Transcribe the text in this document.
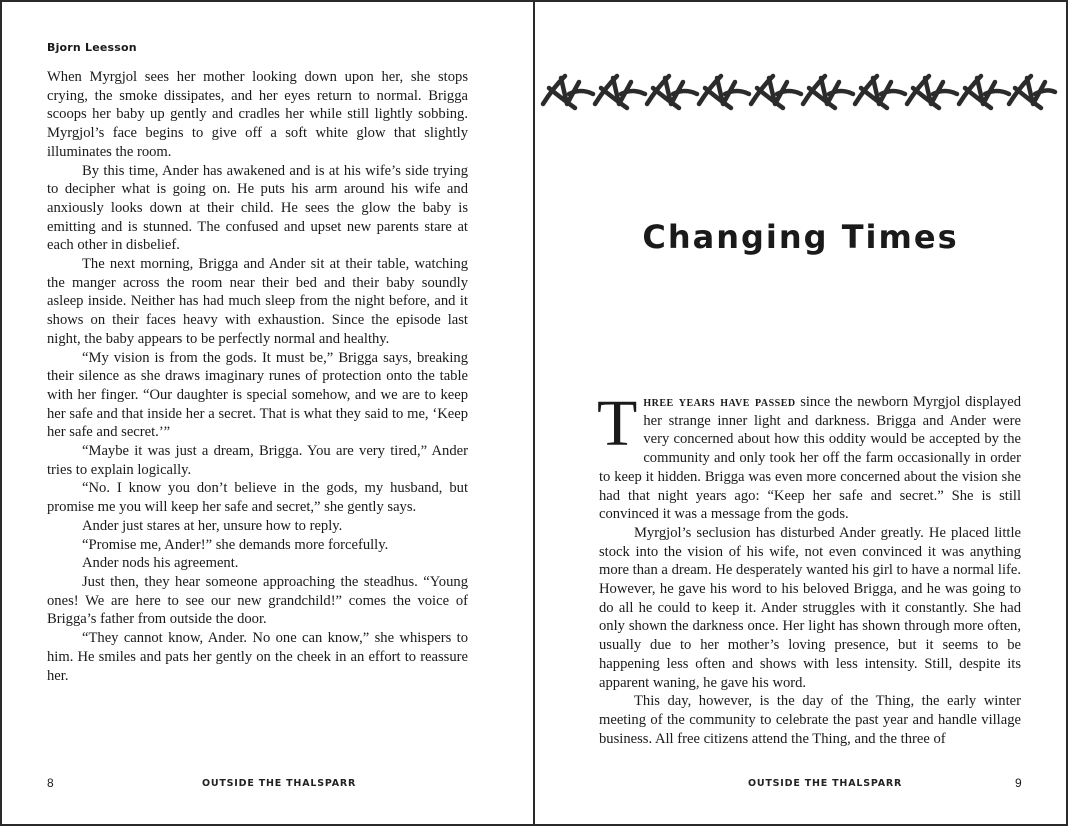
Bjorn Leesson

When Myrgjol sees her mother looking down upon her, she stops crying, the smoke dissipates, and her eyes return to normal. Brigga scoops her baby up gently and cradles her while still lightly sobbing. Myrgjol’s face begins to give off a soft white glow that slightly illuminates the room.

By this time, Ander has awakened and is at his wife’s side trying to decipher what is going on. He puts his arm around his wife and anxiously looks down at their child. He sees the glow the baby is emitting and is stunned. The confused and upset new parents stare at each other in disbelief.

The next morning, Brigga and Ander sit at their table, watching the manger across the room near their bed and their baby soundly asleep inside. Neither has had much sleep from the night before, and it shows on their faces heavy with exhaustion. Since the episode last night, the baby appears to be perfectly normal and healthy.

“My vision is from the gods. It must be,” Brigga says, breaking their silence as she draws imaginary runes of protection onto the table with her finger. “Our daughter is special somehow, and we are to keep her safe and that inside her a secret. That is what they said to me, ‘Keep her safe and secret.’”

“Maybe it was just a dream, Brigga. You are very tired,” Ander tries to explain logically.

“No. I know you don’t believe in the gods, my husband, but promise me you will keep her safe and secret,” she gently says.

Ander just stares at her, unsure how to reply.

“Promise me, Ander!” she demands more forcefully.

Ander nods his agreement.

Just then, they hear someone approaching the steadhus. “Young ones! We are here to see our new grandchild!” comes the voice of Brigga’s father from outside the door.

“They cannot know, Ander. No one can know,” she whispers to him. He smiles and pats her gently on the cheek in an effort to reassure her.

8	OUTSIDE THE THALSPARR
Changing Times

Three years have passed since the newborn Myrgjol displayed her strange inner light and darkness. Brigga and Ander were very concerned about how this oddity would be accepted by the community and only took her off the farm occasionally in order to keep it hidden. Brigga was even more concerned about the vision she had that night years ago: “Keep her safe and secret.” She is still convinced it was a message from the gods.

Myrgjol’s seclusion has disturbed Ander greatly. He placed little stock into the vision of his wife, not even convinced it was anything more than a dream. He desperately wanted his girl to have a normal life. However, he gave his word to his beloved Brigga, and he was going to do all he could to keep it. Ander struggles with it constantly. She had only shown the darkness once. Her light has shown through more often, usually due to her mother’s loving presence, but it seems to be happening less often and shows with less intensity. Still, despite its apparent waning, he gave his word.

This day, however, is the day of the Thing, the early winter meeting of the community to celebrate the past year and handle village business. All free citizens attend the Thing, and the three of

OUTSIDE THE THALSPARR	9
